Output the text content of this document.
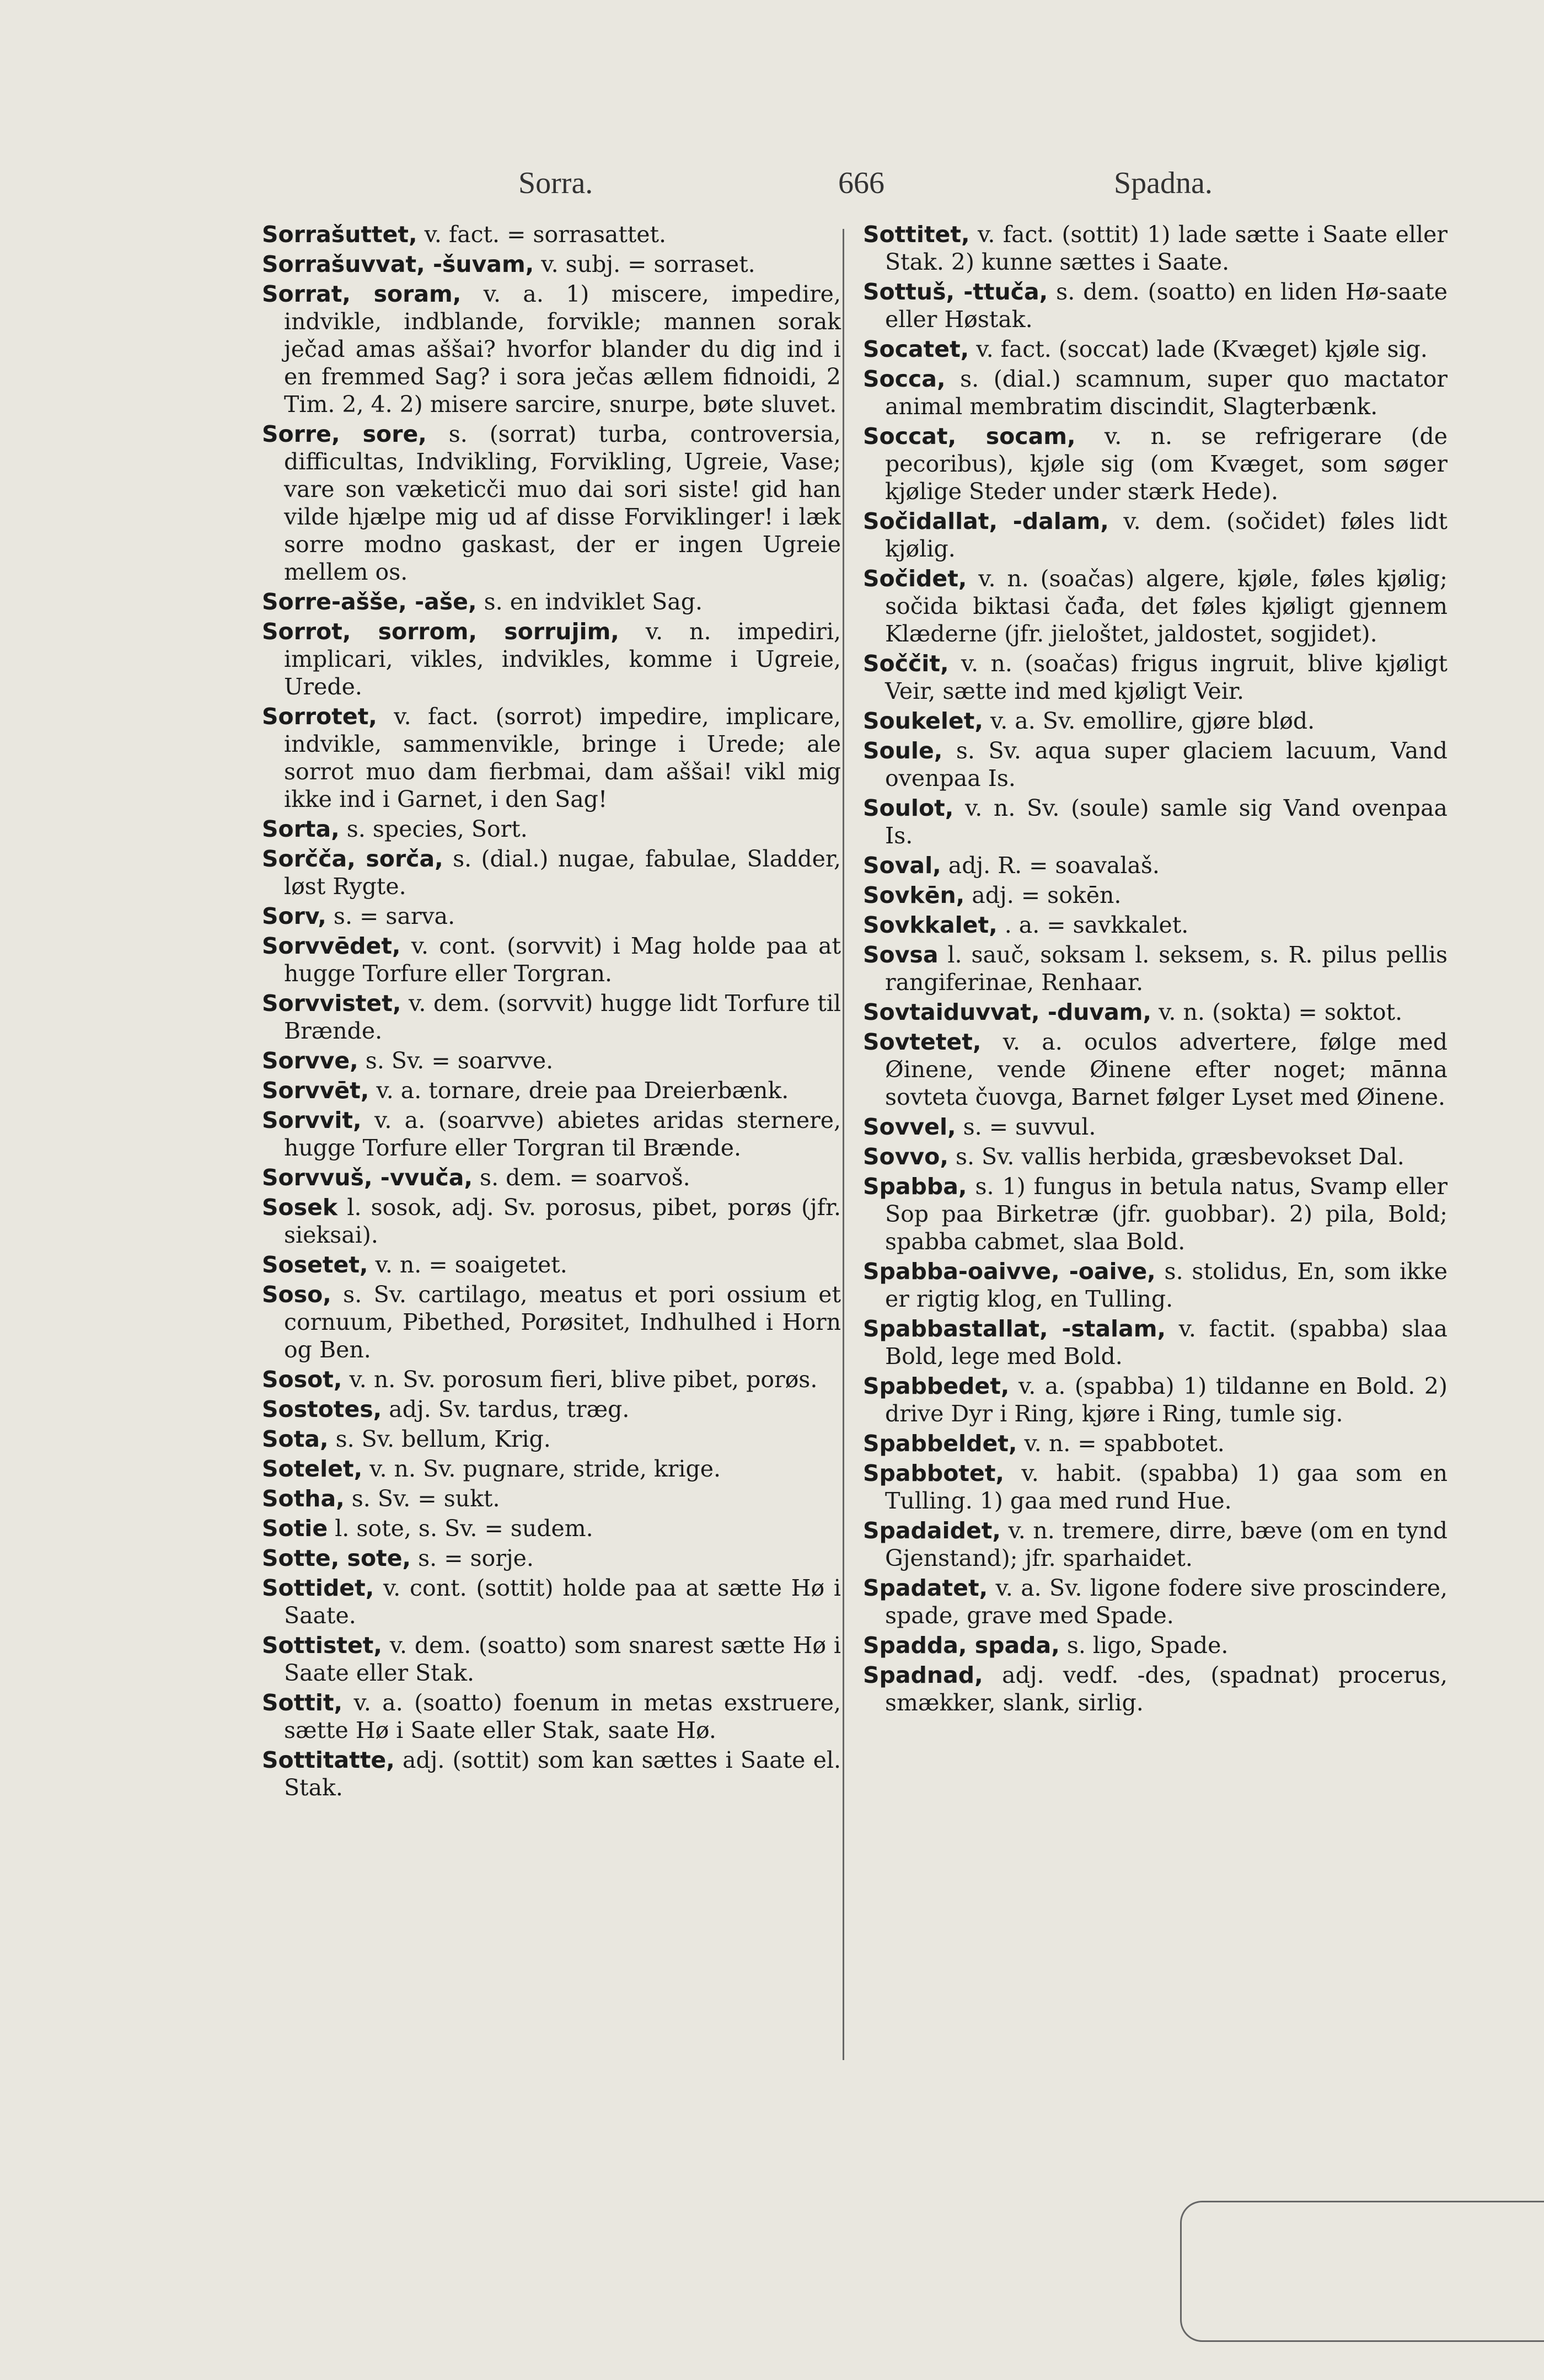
Sorra.	666	Spadna.
Sorrašuttet, v. fact. = sorrasattet.
Sorrašuvvat, -šuvam, v. subj. = sorraset.
Sorrat, soram, v. a. 1) miscere, impedire, indvikle, indblande, forvikle; mannen sorak ječad amas aššai? hvorfor blander du dig ind i en fremmed Sag? i sora ječas ællem fidnoidi, 2 Tim. 2, 4. 2) misere sarcire, snurpe, bøte sluvet.
Sorre, sore, s. (sorrat) turba, controversia, difficultas, Indvikling, Forvikling, Ugreie, Vase; vare son væketicči muo dai sori siste! gid han vilde hjælpe mig ud af disse Forviklinger! i læk sorre modno gaskast, der er ingen Ugreie mellem os.
Sorre-ašše, -aše, s. en indviklet Sag.
Sorrot, sorrom, sorrujim, v. n. impediri, implicari, vikles, indvikles, komme i Ugreie, Urede.
Sorrotet, v. fact. (sorrot) impedire, implicare, indvikle, sammenvikle, bringe i Urede; ale sorrot muo dam fierbmai, dam aššai! vikl mig ikke ind i Garnet, i den Sag!
Sorta, s. species, Sort.
Sorčča, sorča, s. (dial.) nugae, fabulae, Sladder, løst Rygte.
Sorv, s. = sarva.
Sorvvēdet, v. cont. (sorvvit) i Mag holde paa at hugge Torfure eller Torgran.
Sorvvistet, v. dem. (sorvvit) hugge lidt Torfure til Brænde.
Sorvve, s. Sv. = soarvve.
Sorvvēt, v. a. tornare, dreie paa Dreierbænk.
Sorvvit, v. a. (soarvve) abietes aridas sternere, hugge Torfure eller Torgran til Brænde.
Sorvvuš, -vvuča, s. dem. = soarvoš.
Sosek l. sosok, adj. Sv. porosus, pibet, porøs (jfr. sieksai).
Sosetet, v. n. = soaigetet.
Soso, s. Sv. cartilago, meatus et pori ossium et cornuum, Pibethed, Porøsitet, Indhulhed i Horn og Ben.
Sosot, v. n. Sv. porosum fieri, blive pibet, porøs.
Sostotes, adj. Sv. tardus, træg.
Sota, s. Sv. bellum, Krig.
Sotelet, v. n. Sv. pugnare, stride, krige.
Sotha, s. Sv. = sukt.
Sotie l. sote, s. Sv. = sudem.
Sotte, sote, s. = sorje.
Sottidet, v. cont. (sottit) holde paa at sætte Hø i Saate.
Sottistet, v. dem. (soatto) som snarest sætte Hø i Saate eller Stak.
Sottit, v. a. (soatto) foenum in metas exstruere, sætte Hø i Saate eller Stak, saate Hø.
Sottitatte, adj. (sottit) som kan sættes i Saate el. Stak.
Sottitet, v. fact. (sottit) 1) lade sætte i Saate eller Stak. 2) kunne sættes i Saate.
Sottuš, -ttuča, s. dem. (soatto) en liden Hø-saate eller Høstak.
Socatet, v. fact. (soccat) lade (Kvæget) kjøle sig.
Socca, s. (dial.) scamnum, super quo mactator animal membratim discindit, Slagterbænk.
Soccat, socam, v. n. se refrigerare (de pecoribus), kjøle sig (om Kvæget, som søger kjølige Steder under stærk Hede).
Sočidallat, -dalam, v. dem. (sočidet) føles lidt kjølig.
Sočidet, v. n. (soačas) algere, kjøle, føles kjølig; sočida biktasi čađa, det føles kjøligt gjennem Klæderne (jfr. jieloštet, jaldostet, sogjidet).
Soččit, v. n. (soačas) frigus ingruit, blive kjøligt Veir, sætte ind med kjøligt Veir.
Soukelet, v. a. Sv. emollire, gjøre blød.
Soule, s. Sv. aqua super glaciem lacuum, Vand ovenpaa Is.
Soulot, v. n. Sv. (soule) samle sig Vand ovenpaa Is.
Soval, adj. R. = soavalaš.
Sovkēn, adj. = sokēn.
Sovkkalet, . a. = savkkalet.
Sovsa l. sauč, soksam l. seksem, s. R. pilus pellis rangiferinae, Renhaar.
Sovtaiduvvat, -duvam, v. n. (sokta) = soktot.
Sovtetet, v. a. oculos advertere, følge med Øinene, vende Øinene efter noget; mānna sovteta čuovga, Barnet følger Lyset med Øinene.
Sovvel, s. = suvvul.
Sovvo, s. Sv. vallis herbida, græsbevokset Dal.
Spabba, s. 1) fungus in betula natus, Svamp eller Sop paa Birketræ (jfr. guobbar). 2) pila, Bold; spabba cabmet, slaa Bold.
Spabba-oaivve, -oaive, s. stolidus, En, som ikke er rigtig klog, en Tulling.
Spabbastallat, -stalam, v. factit. (spabba) slaa Bold, lege med Bold.
Spabbedet, v. a. (spabba) 1) tildanne en Bold. 2) drive Dyr i Ring, kjøre i Ring, tumle sig.
Spabbeldet, v. n. = spabbotet.
Spabbotet, v. habit. (spabba) 1) gaa som en Tulling. 1) gaa med rund Hue.
Spadaidet, v. n. tremere, dirre, bæve (om en tynd Gjenstand); jfr. sparhaidet.
Spadatet, v. a. Sv. ligone fodere sive proscindere, spade, grave med Spade.
Spadda, spada, s. ligo, Spade.
Spadnad, adj. vedf. -des, (spadnat) procerus, smækker, slank, sirlig.
